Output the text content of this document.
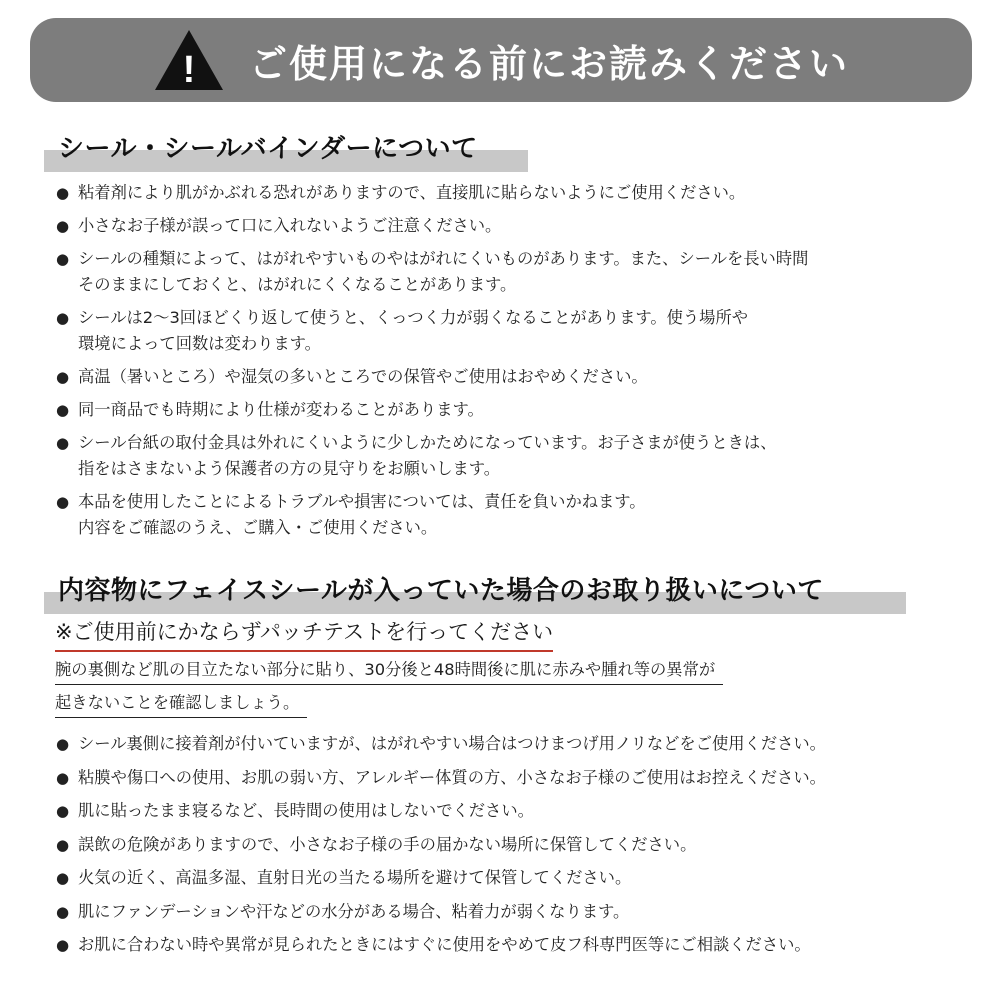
! ご使用になる前にお読みください
シール・シールバインダーについて
● 粘着剤により肌がかぶれる恐れがありますので、直接肌に貼らないようにご使用ください。
● 小さなお子様が誤って口に入れないようご注意ください。
● シールの種類によって、はがれやすいものやはがれにくいものがあります。また、シールを長い時間
そのままにしておくと、はがれにくくなることがあります。
● シールは2〜3回ほどくり返して使うと、くっつく力が弱くなることがあります。使う場所や
環境によって回数は変わります。
● 高温（暑いところ）や湿気の多いところでの保管やご使用はおやめください。
● 同一商品でも時期により仕様が変わることがあります。
● シール台紙の取付金具は外れにくいように少しかためになっています。お子さまが使うときは、
指をはさまないよう保護者の方の見守りをお願いします。
● 本品を使用したことによるトラブルや損害については、責任を負いかねます。
内容をご確認のうえ、ご購入・ご使用ください。
内容物にフェイスシールが入っていた場合のお取り扱いについて
※ご使用前にかならずパッチテストを行ってください
腕の裏側など肌の目立たない部分に貼り、30分後と48時間後に肌に赤みや腫れ等の異常が
起きないことを確認しましょう。
● シール裏側に接着剤が付いていますが、はがれやすい場合はつけまつげ用ノリなどをご使用ください。
● 粘膜や傷口への使用、お肌の弱い方、アレルギー体質の方、小さなお子様のご使用はお控えください。
● 肌に貼ったまま寝るなど、長時間の使用はしないでください。
● 誤飲の危険がありますので、小さなお子様の手の届かない場所に保管してください。
● 火気の近く、高温多湿、直射日光の当たる場所を避けて保管してください。
● 肌にファンデーションや汗などの水分がある場合、粘着力が弱くなります。
● お肌に合わない時や異常が見られたときにはすぐに使用をやめて皮フ科専門医等にご相談ください。
